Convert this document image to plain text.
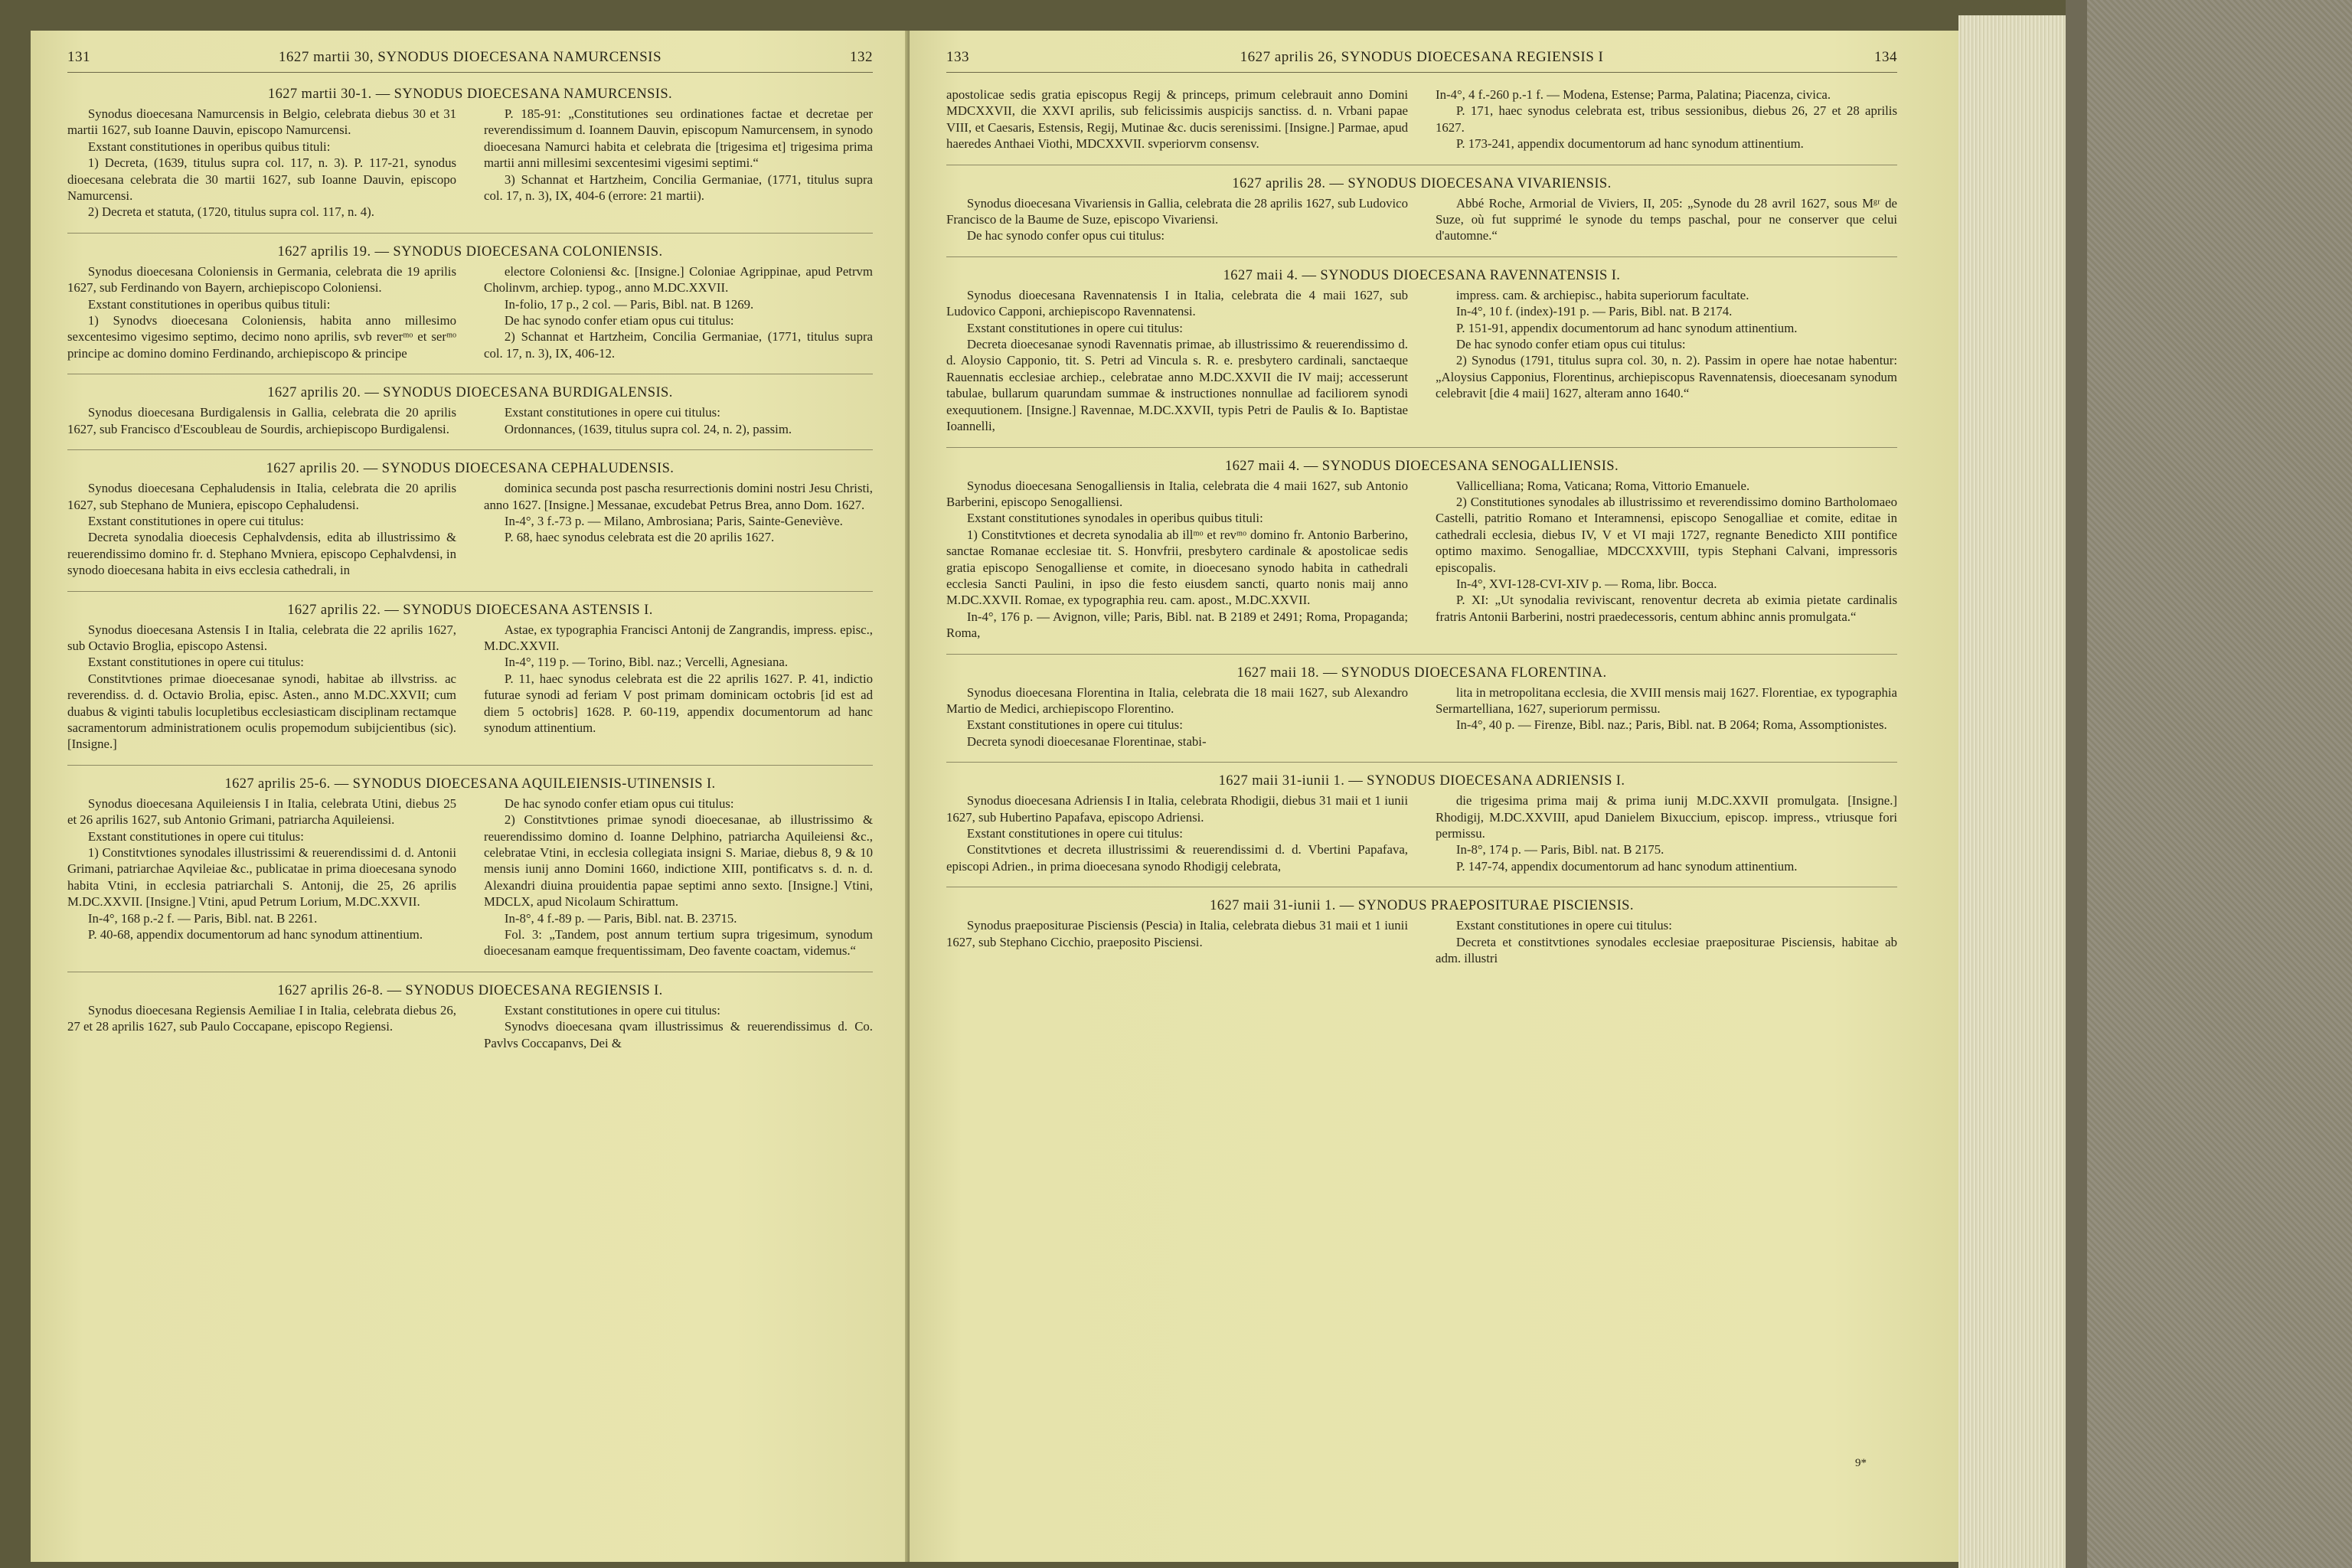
131	1627 martii 30, SYNODUS DIOECESANA NAMURCENSIS	132
1627 martii 30-1. — SYNODUS DIOECESANA NAMURCENSIS.

Synodus dioecesana Namurcensis in Belgio, celebrata diebus 30 et 31 martii 1627, sub Ioanne Dauvin, episcopo Namurcensi.

Exstant constitutiones in operibus quibus tituli:

1) Decreta, (1639, titulus supra col. 117, n. 3). P. 117-21, synodus dioecesana celebrata die 30 martii 1627, sub Ioanne Dauvin, episcopo Namurcensi.

2) Decreta et statuta, (1720, titulus supra col. 117, n. 4).

P. 185-91: „Constitutiones seu ordinationes factae et decretae per reverendissimum d. Ioannem Dauvin, episcopum Namurcensem, in synodo dioecesana Namurci habita et celebrata die [trigesima et] trigesima prima martii anni millesimi sexcentesimi vigesimi septimi.“

3) Schannat et Hartzheim, Concilia Germaniae, (1771, titulus supra col. 17, n. 3), IX, 404-6 (errore: 21 martii).

1627 aprilis 19. — SYNODUS DIOECESANA COLONIENSIS.

Synodus dioecesana Coloniensis in Germania, celebrata die 19 aprilis 1627, sub Ferdinando von Bayern, archiepiscopo Coloniensi.

Exstant constitutiones in operibus quibus tituli:

1) Synodvs dioecesana Coloniensis, habita anno millesimo sexcentesimo vigesimo septimo, decimo nono aprilis, svb reverᵐᵒ et serᵐᵒ principe ac domino domino Ferdinando, archiepiscopo & principe

electore Coloniensi &c. [Insigne.] Coloniae Agrippinae, apud Petrvm Cholinvm, archiep. typog., anno M.DC.XXVII.

In-folio, 17 p., 2 col. — Paris, Bibl. nat. B 1269.

De hac synodo confer etiam opus cui titulus:

2) Schannat et Hartzheim, Concilia Germaniae, (1771, titulus supra col. 17, n. 3), IX, 406-12.

1627 aprilis 20. — SYNODUS DIOECESANA BURDIGALENSIS.

Synodus dioecesana Burdigalensis in Gallia, celebrata die 20 aprilis 1627, sub Francisco d'Escoubleau de Sourdis, archiepiscopo Burdigalensi.

Exstant constitutiones in opere cui titulus:

Ordonnances, (1639, titulus supra col. 24, n. 2), passim.

1627 aprilis 20. — SYNODUS DIOECESANA CEPHALUDENSIS.

Synodus dioecesana Cephaludensis in Italia, celebrata die 20 aprilis 1627, sub Stephano de Muniera, episcopo Cephaludensi.

Exstant constitutiones in opere cui titulus:

Decreta synodalia dioecesis Cephalvdensis, edita ab illustrissimo & reuerendissimo domino fr. d. Stephano Mvniera, episcopo Cephalvdensi, in synodo dioecesana habita in eivs ecclesia cathedrali, in

dominica secunda post pascha resurrectionis domini nostri Jesu Christi, anno 1627. [Insigne.] Messanae, excudebat Petrus Brea, anno Dom. 1627.

In-4°, 3 f.-73 p. — Milano, Ambrosiana; Paris, Sainte-Geneviève.

P. 68, haec synodus celebrata est die 20 aprilis 1627.

1627 aprilis 22. — SYNODUS DIOECESANA ASTENSIS I.

Synodus dioecesana Astensis I in Italia, celebrata die 22 aprilis 1627, sub Octavio Broglia, episcopo Astensi.

Exstant constitutiones in opere cui titulus:

Constitvtiones primae dioecesanae synodi, habitae ab illvstriss. ac reverendiss. d. d. Octavio Brolia, episc. Asten., anno M.DC.XXVII; cum duabus & viginti tabulis locupletibus ecclesiasticam disciplinam rectamque sacramentorum administrationem oculis propemodum subijcientibus (sic). [Insigne.]

Astae, ex typographia Francisci Antonij de Zangrandis, impress. episc., M.DC.XXVII.

In-4°, 119 p. — Torino, Bibl. naz.; Vercelli, Agnesiana.

P. 11, haec synodus celebrata est die 22 aprilis 1627. P. 41, indictio futurae synodi ad feriam V post primam dominicam octobris [id est ad diem 5 octobris] 1628. P. 60-119, appendix documentorum ad hanc synodum attinentium.

1627 aprilis 25-6. — SYNODUS DIOECESANA AQUILEIENSIS-UTINENSIS I.

Synodus dioecesana Aquileiensis I in Italia, celebrata Utini, diebus 25 et 26 aprilis 1627, sub Antonio Grimani, patriarcha Aquileiensi.

Exstant constitutiones in opere cui titulus:

1) Constitvtiones synodales illustrissimi & reuerendissimi d. d. Antonii Grimani, patriarchae Aqvileiae &c., publicatae in prima dioecesana synodo habita Vtini, in ecclesia patriarchali S. Antonij, die 25, 26 aprilis M.DC.XXVII. [Insigne.] Vtini, apud Petrum Lorium, M.DC.XXVII.

In-4°, 168 p.-2 f. — Paris, Bibl. nat. B 2261.

P. 40-68, appendix documentorum ad hanc synodum attinentium.

De hac synodo confer etiam opus cui titulus:

2) Constitvtiones primae synodi dioecesanae, ab illustrissimo & reuerendissimo domino d. Ioanne Delphino, patriarcha Aquileiensi &c., celebratae Vtini, in ecclesia collegiata insigni S. Mariae, diebus 8, 9 & 10 mensis iunij anno Domini 1660, indictione XIII, pontificatvs s. d. n. d. Alexandri diuina prouidentia papae septimi anno sexto. [Insigne.] Vtini, MDCLX, apud Nicolaum Schirattum.

In-8°, 4 f.-89 p. — Paris, Bibl. nat. B. 23715.

Fol. 3: „Tandem, post annum tertium supra trigesimum, synodum dioecesanam eamque frequentissimam, Deo favente coactam, videmus.“

1627 aprilis 26-8. — SYNODUS DIOECESANA REGIENSIS I.

Synodus dioecesana Regiensis Aemiliae I in Italia, celebrata diebus 26, 27 et 28 aprilis 1627, sub Paulo Coccapane, episcopo Regiensi.

Exstant constitutiones in opere cui titulus:

Synodvs dioecesana qvam illustrissimus & reuerendissimus d. Co. Pavlvs Coccapanvs, Dei &

133	1627 aprilis 26, SYNODUS DIOECESANA REGIENSIS I	134

apostolicae sedis gratia episcopus Regij & princeps, primum celebrauit anno Domini MDCXXVII, die XXVI aprilis, sub felicissimis auspicijs sanctiss. d. n. Vrbani papae VIII, et Caesaris, Estensis, Regij, Mutinae &c. ducis serenissimi. [Insigne.] Parmae, apud haeredes Anthaei Viothi, MDCXXVII. svperiorvm consensv.

In-4°, 4 f.-260 p.-1 f. — Modena, Estense; Parma, Palatina; Piacenza, civica.

P. 171, haec synodus celebrata est, tribus sessionibus, diebus 26, 27 et 28 aprilis 1627.

P. 173-241, appendix documentorum ad hanc synodum attinentium.

1627 aprilis 28. — SYNODUS DIOECESANA VIVARIENSIS.

Synodus dioecesana Vivariensis in Gallia, celebrata die 28 aprilis 1627, sub Ludovico Francisco de la Baume de Suze, episcopo Vivariensi.

De hac synodo confer opus cui titulus:

Abbé Roche, Armorial de Viviers, II, 205: „Synode du 28 avril 1627, sous Mᵍʳ de Suze, où fut supprimé le synode du temps paschal, pour ne conserver que celui d'automne.“

1627 maii 4. — SYNODUS DIOECESANA RAVENNATENSIS I.

Synodus dioecesana Ravennatensis I in Italia, celebrata die 4 maii 1627, sub Ludovico Capponi, archiepiscopo Ravennatensi.

Exstant constitutiones in opere cui titulus:

Decreta dioecesanae synodi Ravennatis primae, ab illustrissimo & reuerendissimo d. d. Aloysio Capponio, tit. S. Petri ad Vincula s. R. e. presbytero cardinali, sanctaeque Rauennatis ecclesiae archiep., celebratae anno M.DC.XXVII die IV maij; accesserunt tabulae, bullarum quarundam summae & instructiones nonnullae ad faciliorem synodi exequutionem. [Insigne.] Ravennae, M.DC.XXVII, typis Petri de Paulis & Io. Baptistae Ioannelli,

impress. cam. & archiepisc., habita superiorum facultate.

In-4°, 10 f. (index)-191 p. — Paris, Bibl. nat. B 2174.

P. 151-91, appendix documentorum ad hanc synodum attinentium.

De hac synodo confer etiam opus cui titulus:

2) Synodus (1791, titulus supra col. 30, n. 2). Passim in opere hae notae habentur: „Aloysius Capponius, Florentinus, archiepiscopus Ravennatensis, dioecesanam synodum celebravit [die 4 maii] 1627, alteram anno 1640.“

1627 maii 4. — SYNODUS DIOECESANA SENOGALLIENSIS.

Synodus dioecesana Senogalliensis in Italia, celebrata die 4 maii 1627, sub Antonio Barberini, episcopo Senogalliensi.

Exstant constitutiones synodales in operibus quibus tituli:

1) Constitvtiones et decreta synodalia ab illᵐᵒ et revᵐᵒ domino fr. Antonio Barberino, sanctae Romanae ecclesiae tit. S. Honvfrii, presbytero cardinale & apostolicae sedis gratia episcopo Senogalliense et comite, in dioecesano synodo habita in cathedrali ecclesia Sancti Paulini, in ipso die festo eiusdem sancti, quarto nonis maij anno M.DC.XXVII. Romae, ex typographia reu. cam. apost., M.DC.XXVII.

In-4°, 176 p. — Avignon, ville; Paris, Bibl. nat. B 2189 et 2491; Roma, Propaganda; Roma,

Vallicelliana; Roma, Vaticana; Roma, Vittorio Emanuele.

2) Constitutiones synodales ab illustrissimo et reverendissimo domino Bartholomaeo Castelli, patritio Romano et Interamnensi, episcopo Senogalliae et comite, editae in cathedrali ecclesia, diebus IV, V et VI maji 1727, regnante Benedicto XIII pontifice optimo maximo. Senogalliae, MDCCXXVIII, typis Stephani Calvani, impressoris episcopalis.

In-4°, XVI-128-CVI-XIV p. — Roma, libr. Bocca.

P. XI: „Ut synodalia reviviscant, renoventur decreta ab eximia pietate cardinalis fratris Antonii Barberini, nostri praedecessoris, centum abhinc annis promulgata.“

1627 maii 18. — SYNODUS DIOECESANA FLORENTINA.

Synodus dioecesana Florentina in Italia, celebrata die 18 maii 1627, sub Alexandro Martio de Medici, archiepiscopo Florentino.

Exstant constitutiones in opere cui titulus:

Decreta synodi dioecesanae Florentinae, stabi-

lita in metropolitana ecclesia, die XVIII mensis maij 1627. Florentiae, ex typographia Sermartelliana, 1627, superiorum permissu.

In-4°, 40 p. — Firenze, Bibl. naz.; Paris, Bibl. nat. B 2064; Roma, Assomptionistes.

1627 maii 31-iunii 1. — SYNODUS DIOECESANA ADRIENSIS I.

Synodus dioecesana Adriensis I in Italia, celebrata Rhodigii, diebus 31 maii et 1 iunii 1627, sub Hubertino Papafava, episcopo Adriensi.

Exstant constitutiones in opere cui titulus:

Constitvtiones et decreta illustrissimi & reuerendissimi d. d. Vbertini Papafava, episcopi Adrien., in prima dioecesana synodo Rhodigij celebrata,

die trigesima prima maij & prima iunij M.DC.XXVII promulgata. [Insigne.] Rhodigij, M.DC.XXVIII, apud Danielem Bixuccium, episcop. impress., vtriusque fori permissu.

In-8°, 174 p. — Paris, Bibl. nat. B 2175.

P. 147-74, appendix documentorum ad hanc synodum attinentium.

1627 maii 31-iunii 1. — SYNODUS PRAEPOSITURAE PISCIENSIS.

Synodus praepositurae Pisciensis (Pescia) in Italia, celebrata diebus 31 maii et 1 iunii 1627, sub Stephano Cicchio, praeposito Pisciensi.

Exstant constitutiones in opere cui titulus:

Decreta et constitvtiones synodales ecclesiae praepositurae Pisciensis, habitae ab adm. illustri

9*
